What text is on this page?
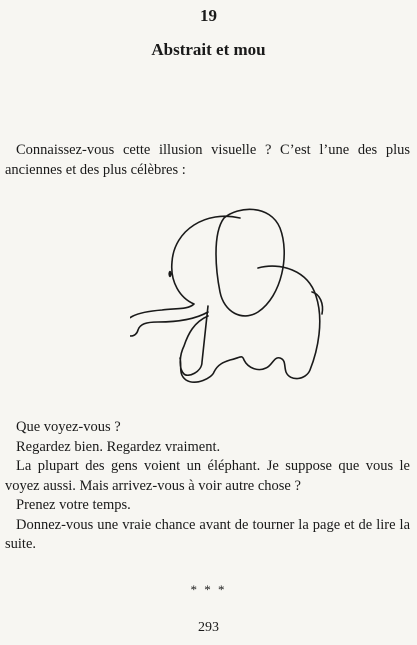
19
Abstrait et mou
Connaissez-vous cette illusion visuelle ? C’est l’une des plus anciennes et des plus célèbres :

Que voyez-vous ?

Regardez bien. Regardez vraiment.

La plupart des gens voient un éléphant. Je suppose que vous le voyez aussi. Mais arrivez-vous à voir autre chose ?

Prenez votre temps.

Donnez-vous une vraie chance avant de tourner la page et de lire la suite.

* * *
293
